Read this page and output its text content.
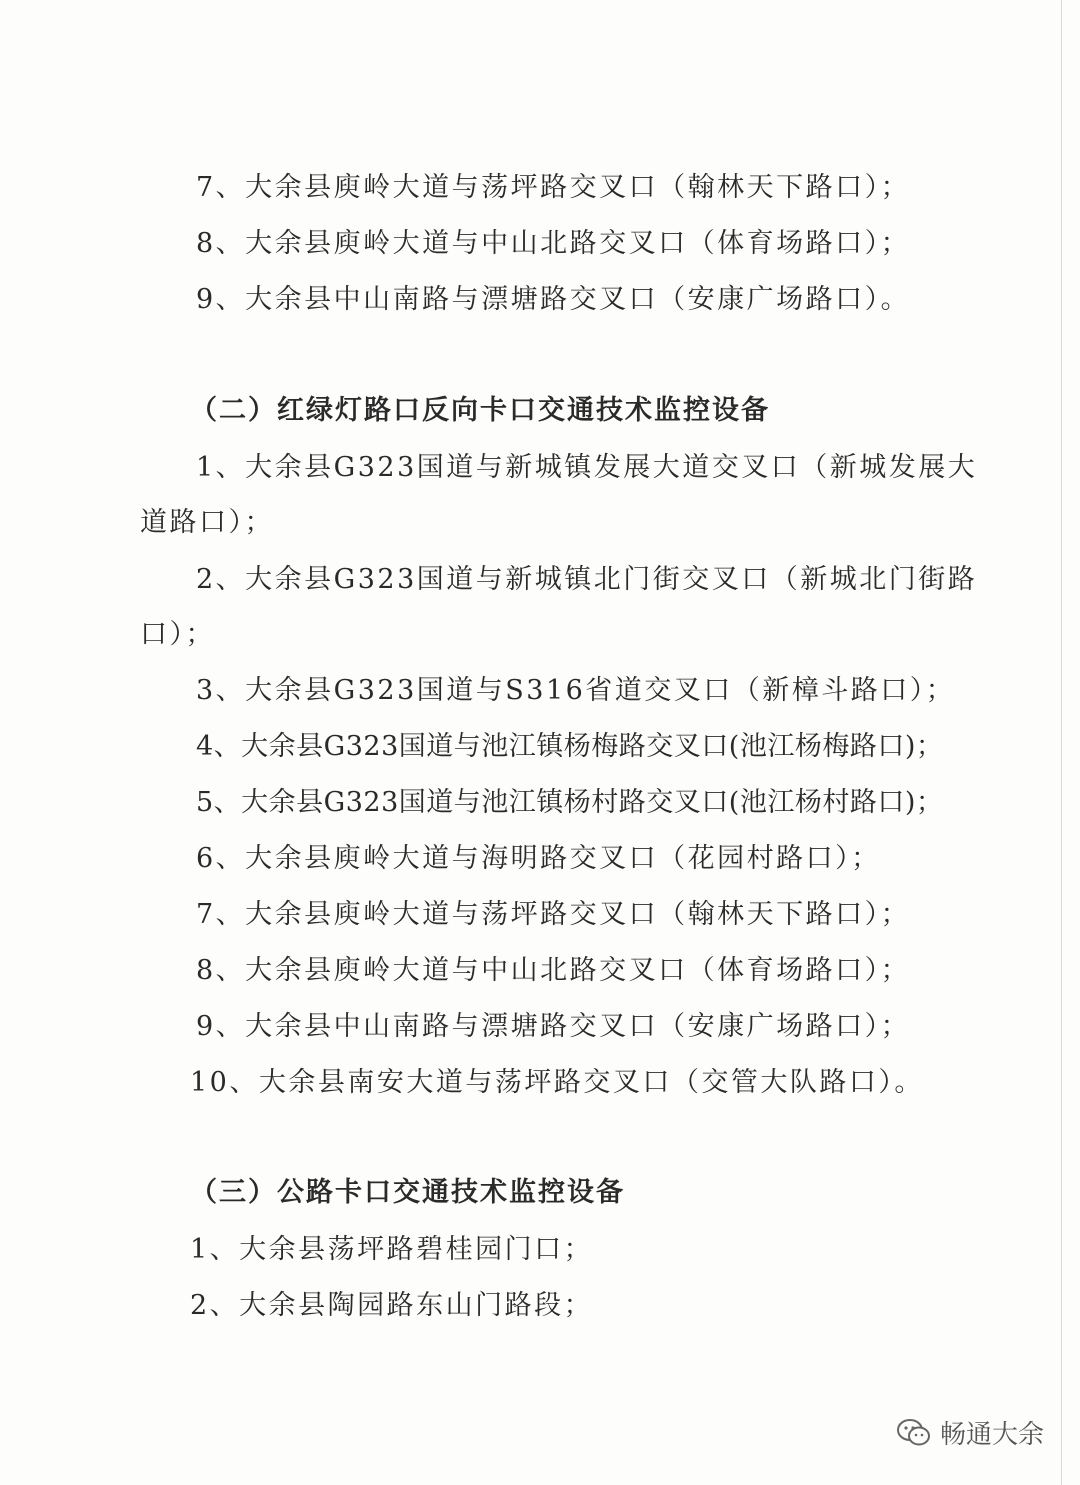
7、大余县庾岭大道与荡坪路交叉口（翰林天下路口）；
8、大余县庾岭大道与中山北路交叉口（体育场路口）；
9、大余县中山南路与漂塘路交叉口（安康广场路口）。
（二）红绿灯路口反向卡口交通技术监控设备
1、大余县G323国道与新城镇发展大道交叉口（新城发展大
道路口）；
2、大余县G323国道与新城镇北门街交叉口（新城北门街路
口）；
3、大余县G323国道与S316省道交叉口（新樟斗路口）；
4、大余县G323国道与池江镇杨梅路交叉口(池江杨梅路口)；
5、大余县G323国道与池江镇杨村路交叉口(池江杨村路口)；
6、大余县庾岭大道与海明路交叉口（花园村路口）；
7、大余县庾岭大道与荡坪路交叉口（翰林天下路口）；
8、大余县庾岭大道与中山北路交叉口（体育场路口）；
9、大余县中山南路与漂塘路交叉口（安康广场路口）；
10、大余县南安大道与荡坪路交叉口（交管大队路口）。
（三）公路卡口交通技术监控设备
1、大余县荡坪路碧桂园门口；
2、大余县陶园路东山门路段；
畅通大余
